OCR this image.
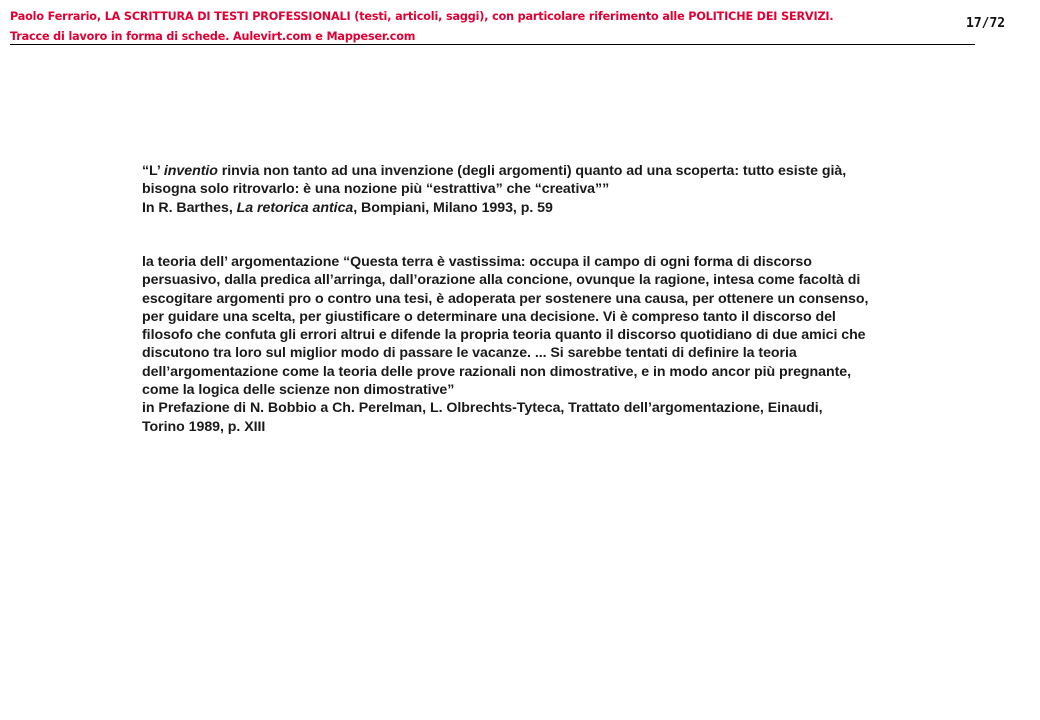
Paolo Ferrario, LA SCRITTURA DI TESTI PROFESSIONALI (testi, articoli, saggi), con particolare riferimento alle POLITICHE DEI SERVIZI.
Tracce di lavoro in forma di schede. Aulevirt.com e Mappeser.com
17/72
“L’ inventio rinvia non tanto ad una invenzione (degli argomenti) quanto ad una scoperta: tutto esiste già,
bisogna solo ritrovarlo: è una nozione più “estrattiva” che “creativa””
In R. Barthes, La retorica antica, Bompiani, Milano 1993, p. 59
la teoria dell’ argomentazione “Questa terra è vastissima: occupa il campo di ogni forma di discorso
persuasivo, dalla predica all’arringa, dall’orazione alla concione, ovunque la ragione, intesa come facoltà di
escogitare argomenti pro o contro una tesi, è adoperata per sostenere una causa, per ottenere un consenso,
per guidare una scelta, per giustificare o determinare una decisione. Vi è compreso tanto il discorso del
filosofo che confuta gli errori altrui e difende la propria teoria quanto il discorso quotidiano di due amici che
discutono tra loro sul miglior modo di passare le vacanze. ... Si sarebbe tentati di definire la teoria
dell’argomentazione come la teoria delle prove razionali non dimostrative, e in modo ancor più pregnante,
come la logica delle scienze non dimostrative”
in Prefazione di N. Bobbio a Ch. Perelman, L. Olbrechts-Tyteca, Trattato dell’argomentazione, Einaudi,
Torino 1989, p. XIII
